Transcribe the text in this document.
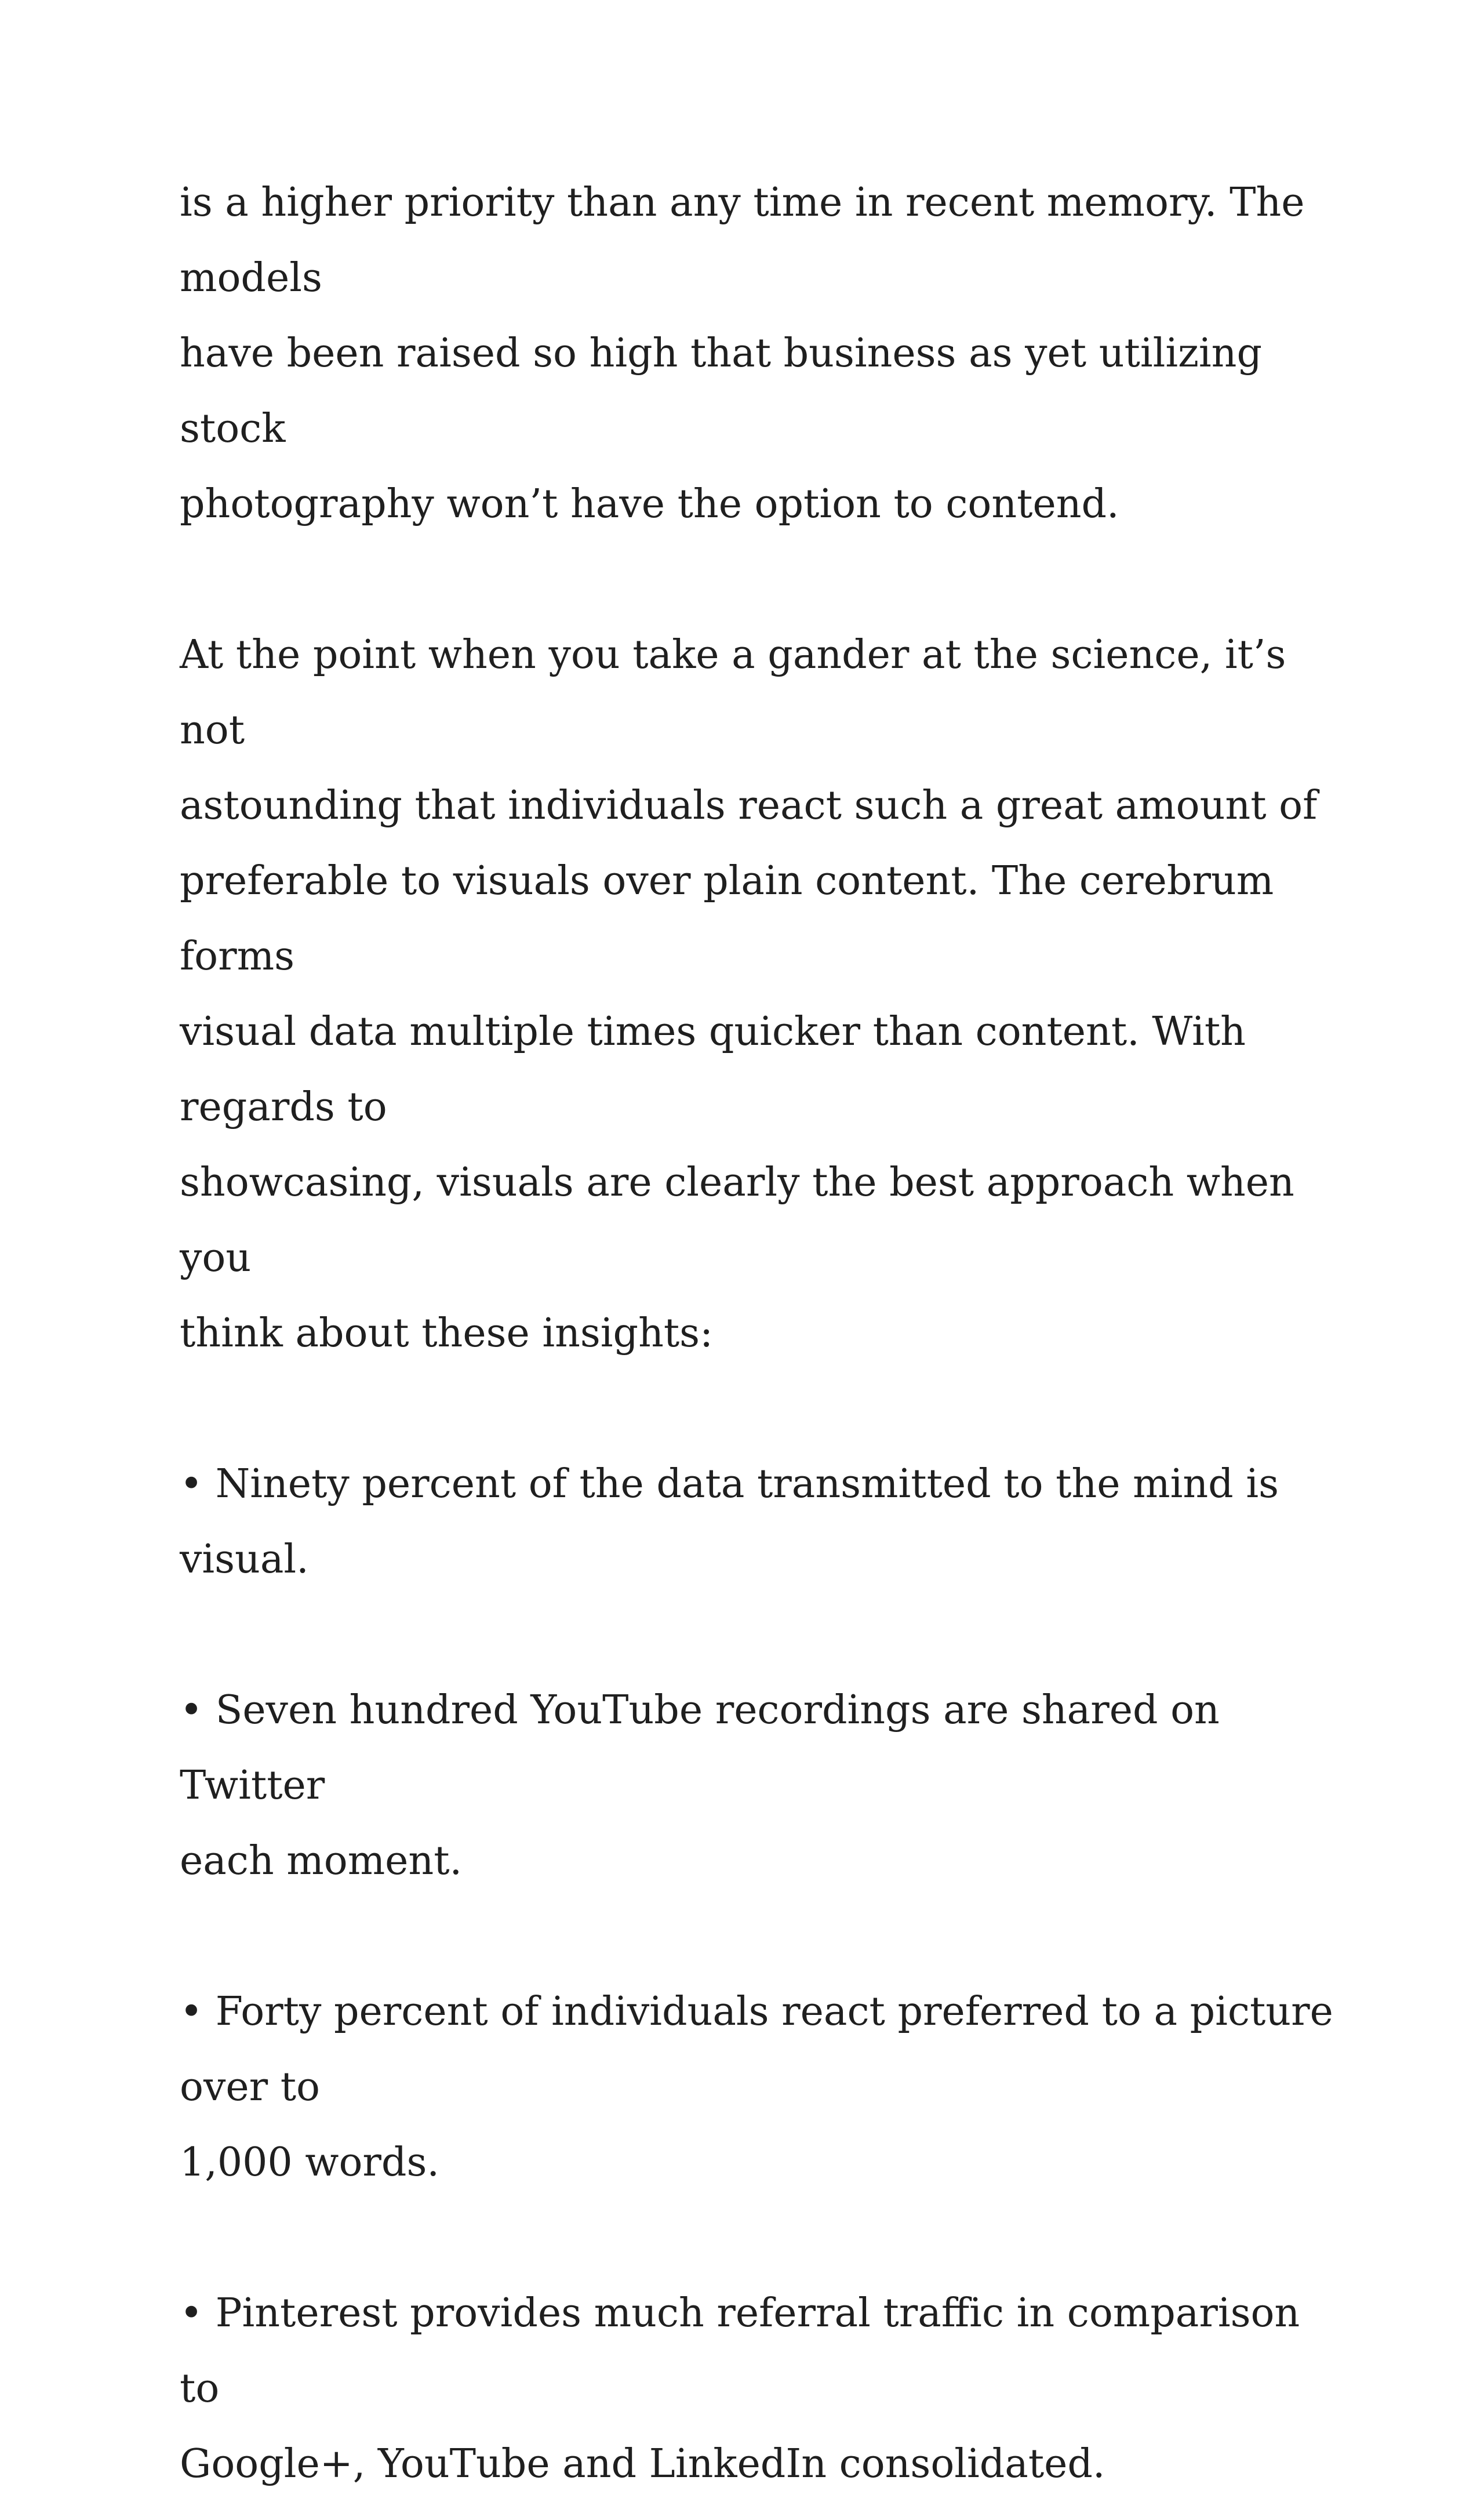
is a higher priority than any time in recent memory. The models
have been raised so high that business as yet utilizing stock
photography won’t have the option to contend.
At the point when you take a gander at the science, it’s not
astounding that individuals react such a great amount of
preferable to visuals over plain content. The cerebrum forms
visual data multiple times quicker than content. With regards to
showcasing, visuals are clearly the best approach when you
think about these insights:
• Ninety percent of the data transmitted to the mind is visual.
• Seven hundred YouTube recordings are shared on Twitter
each moment.
• Forty percent of individuals react preferred to a picture over to
1,000 words.
• Pinterest provides much referral traffic in comparison to
Google+, YouTube and LinkedIn consolidated.
